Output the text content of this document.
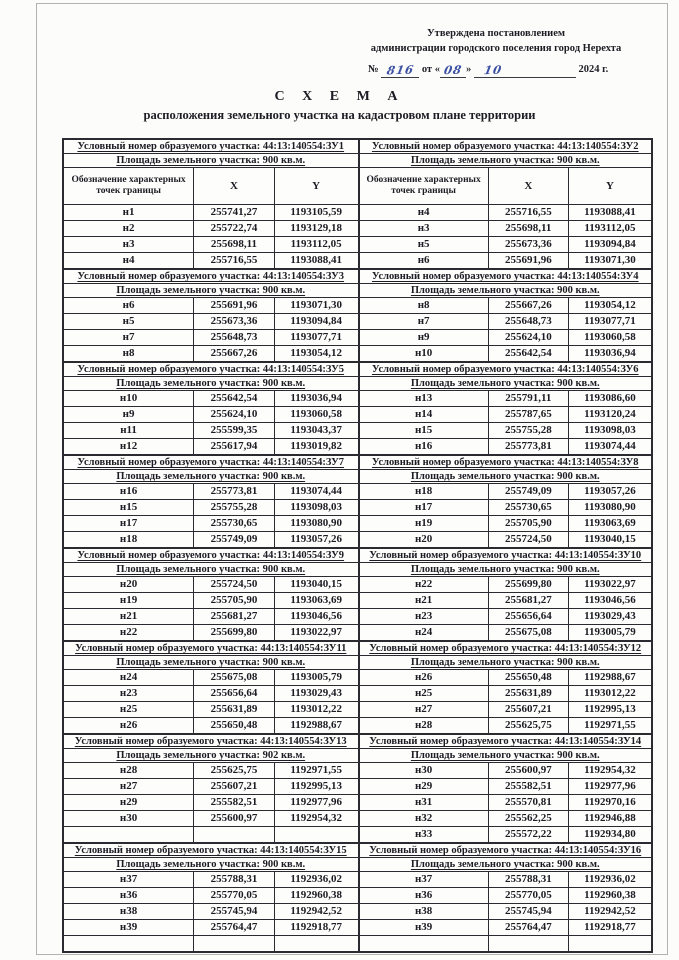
Утверждена постановлением
администрации городского поселения город Нерехта
№ 816 от « 08 » 10	2024 г.
С Х Е М А
расположения земельного участка на кадастровом плане территории
Условный номер образуемого участка: 44:13:140554:ЗУ1
Площадь земельного участка: 900 кв.м.
Обозначение характерных точек границы	X	Y
н1	255741,27	1193105,59
н2	255722,74	1193129,18
н3	255698,11	1193112,05
н4	255716,55	1193088,41
Условный номер образуемого участка: 44:13:140554:ЗУ3
Площадь земельного участка: 900 кв.м.
н6	255691,96	1193071,30
н5	255673,36	1193094,84
н7	255648,73	1193077,71
н8	255667,26	1193054,12
Условный номер образуемого участка: 44:13:140554:ЗУ5
Площадь земельного участка: 900 кв.м.
н10	255642,54	1193036,94
н9	255624,10	1193060,58
н11	255599,35	1193043,37
н12	255617,94	1193019,82
Условный номер образуемого участка: 44:13:140554:ЗУ7
Площадь земельного участка: 900 кв.м.
н16	255773,81	1193074,44
н15	255755,28	1193098,03
н17	255730,65	1193080,90
н18	255749,09	1193057,26
Условный номер образуемого участка: 44:13:140554:ЗУ9
Площадь земельного участка: 900 кв.м.
н20	255724,50	1193040,15
н19	255705,90	1193063,69
н21	255681,27	1193046,56
н22	255699,80	1193022,97
Условный номер образуемого участка: 44:13:140554:ЗУ11
Площадь земельного участка: 900 кв.м.
н24	255675,08	1193005,79
н23	255656,64	1193029,43
н25	255631,89	1193012,22
н26	255650,48	1192988,67
Условный номер образуемого участка: 44:13:140554:ЗУ13
Площадь земельного участка: 902 кв.м.
н28	255625,75	1192971,55
н27	255607,21	1192995,13
н29	255582,51	1192977,96
н30	255600,97	1192954,32
Условный номер образуемого участка: 44:13:140554:ЗУ15
Площадь земельного участка: 900 кв.м.
н37	255788,31	1192936,02
н36	255770,05	1192960,38
н38	255745,94	1192942,52
н39	255764,47	1192918,77
Условный номер образуемого участка: 44:13:140554:ЗУ2
Площадь земельного участка: 900 кв.м.
Обозначение характерных точек границы	X	Y
н4	255716,55	1193088,41
н3	255698,11	1193112,05
н5	255673,36	1193094,84
н6	255691,96	1193071,30
Условный номер образуемого участка: 44:13:140554:ЗУ4
Площадь земельного участка: 900 кв.м.
н8	255667,26	1193054,12
н7	255648,73	1193077,71
н9	255624,10	1193060,58
н10	255642,54	1193036,94
Условный номер образуемого участка: 44:13:140554:ЗУ6
Площадь земельного участка: 900 кв.м.
н13	255791,11	1193086,60
н14	255787,65	1193120,24
н15	255755,28	1193098,03
н16	255773,81	1193074,44
Условный номер образуемого участка: 44:13:140554:ЗУ8
Площадь земельного участка: 900 кв.м.
н18	255749,09	1193057,26
н17	255730,65	1193080,90
н19	255705,90	1193063,69
н20	255724,50	1193040,15
Условный номер образуемого участка: 44:13:140554:ЗУ10
Площадь земельного участка: 900 кв.м.
н22	255699,80	1193022,97
н21	255681,27	1193046,56
н23	255656,64	1193029,43
н24	255675,08	1193005,79
Условный номер образуемого участка: 44:13:140554:ЗУ12
Площадь земельного участка: 900 кв.м.
н26	255650,48	1192988,67
н25	255631,89	1193012,22
н27	255607,21	1192995,13
н28	255625,75	1192971,55
Условный номер образуемого участка: 44:13:140554:ЗУ14
Площадь земельного участка: 900 кв.м.
н30	255600,97	1192954,32
н29	255582,51	1192977,96
н31	255570,81	1192970,16
н32	255562,25	1192946,88
н33	255572,22	1192934,80
Условный номер образуемого участка: 44:13:140554:ЗУ16
Площадь земельного участка: 900 кв.м.
н37	255788,31	1192936,02
н36	255770,05	1192960,38
н38	255745,94	1192942,52
н39	255764,47	1192918,77
